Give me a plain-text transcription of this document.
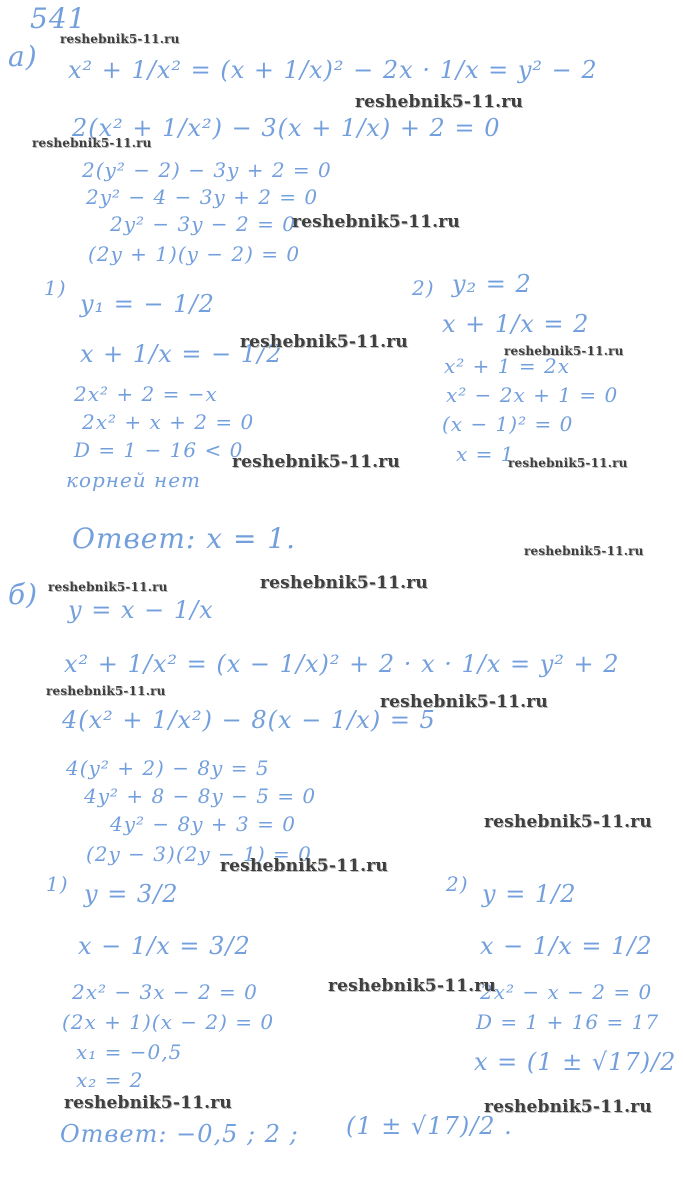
541
а) x² + 1/x² = (x + 1/x)² − 2x · 1/x = y² − 2
2(x² + 1/x²) − 3(x + 1/x) + 2 = 0
2(y² − 2) − 3y + 2 = 0
2y² − 4 − 3y + 2 = 0
2y² − 3y − 2 = 0
(2y + 1)(y − 2) = 0
1)
y₁ = − 1/2
x + 1/x = − 1/2
2x² + 2 = −x
2x² + x + 2 = 0
D = 1 − 16 < 0
корней нет
2) y₂ = 2
x + 1/x = 2
x² + 1 = 2x
x² − 2x + 1 = 0
(x − 1)² = 0
x = 1
Ответ: x = 1.
б) y = x − 1/x
x² + 1/x² = (x − 1/x)² + 2 · x · 1/x = y² + 2
4(x² + 1/x²) − 8(x − 1/x) = 5
4(y² + 2) − 8y = 5
4y² + 8 − 8y − 5 = 0
4y² − 8y + 3 = 0
(2y − 3)(2y − 1) = 0
1) y = 3/2
x − 1/x = 3/2
2x² − 3x − 2 = 0
(2x + 1)(x − 2) = 0
x₁ = −0,5
x₂ = 2
2) y = 1/2
x − 1/x = 1/2
2x² − x − 2 = 0
D = 1 + 16 = 17
x = (1 ± √17)/2
Ответ: −0,5 ; 2 ; (1 ± √17)/2 .
reshebnik5-11.ru
reshebnik5-11.ru
reshebnik5-11.ru
reshebnik5-11.ru
reshebnik5-11.ru	reshebnik5-11.ru
reshebnik5-11.ru	reshebnik5-11.ru
reshebnik5-11.ru
reshebnik5-11.ru	reshebnik5-11.ru
reshebnik5-11.ru
reshebnik5-11.ru
reshebnik5-11.ru
reshebnik5-11.ru
reshebnik5-11.ru
reshebnik5-11.ru	reshebnik5-11.ru
